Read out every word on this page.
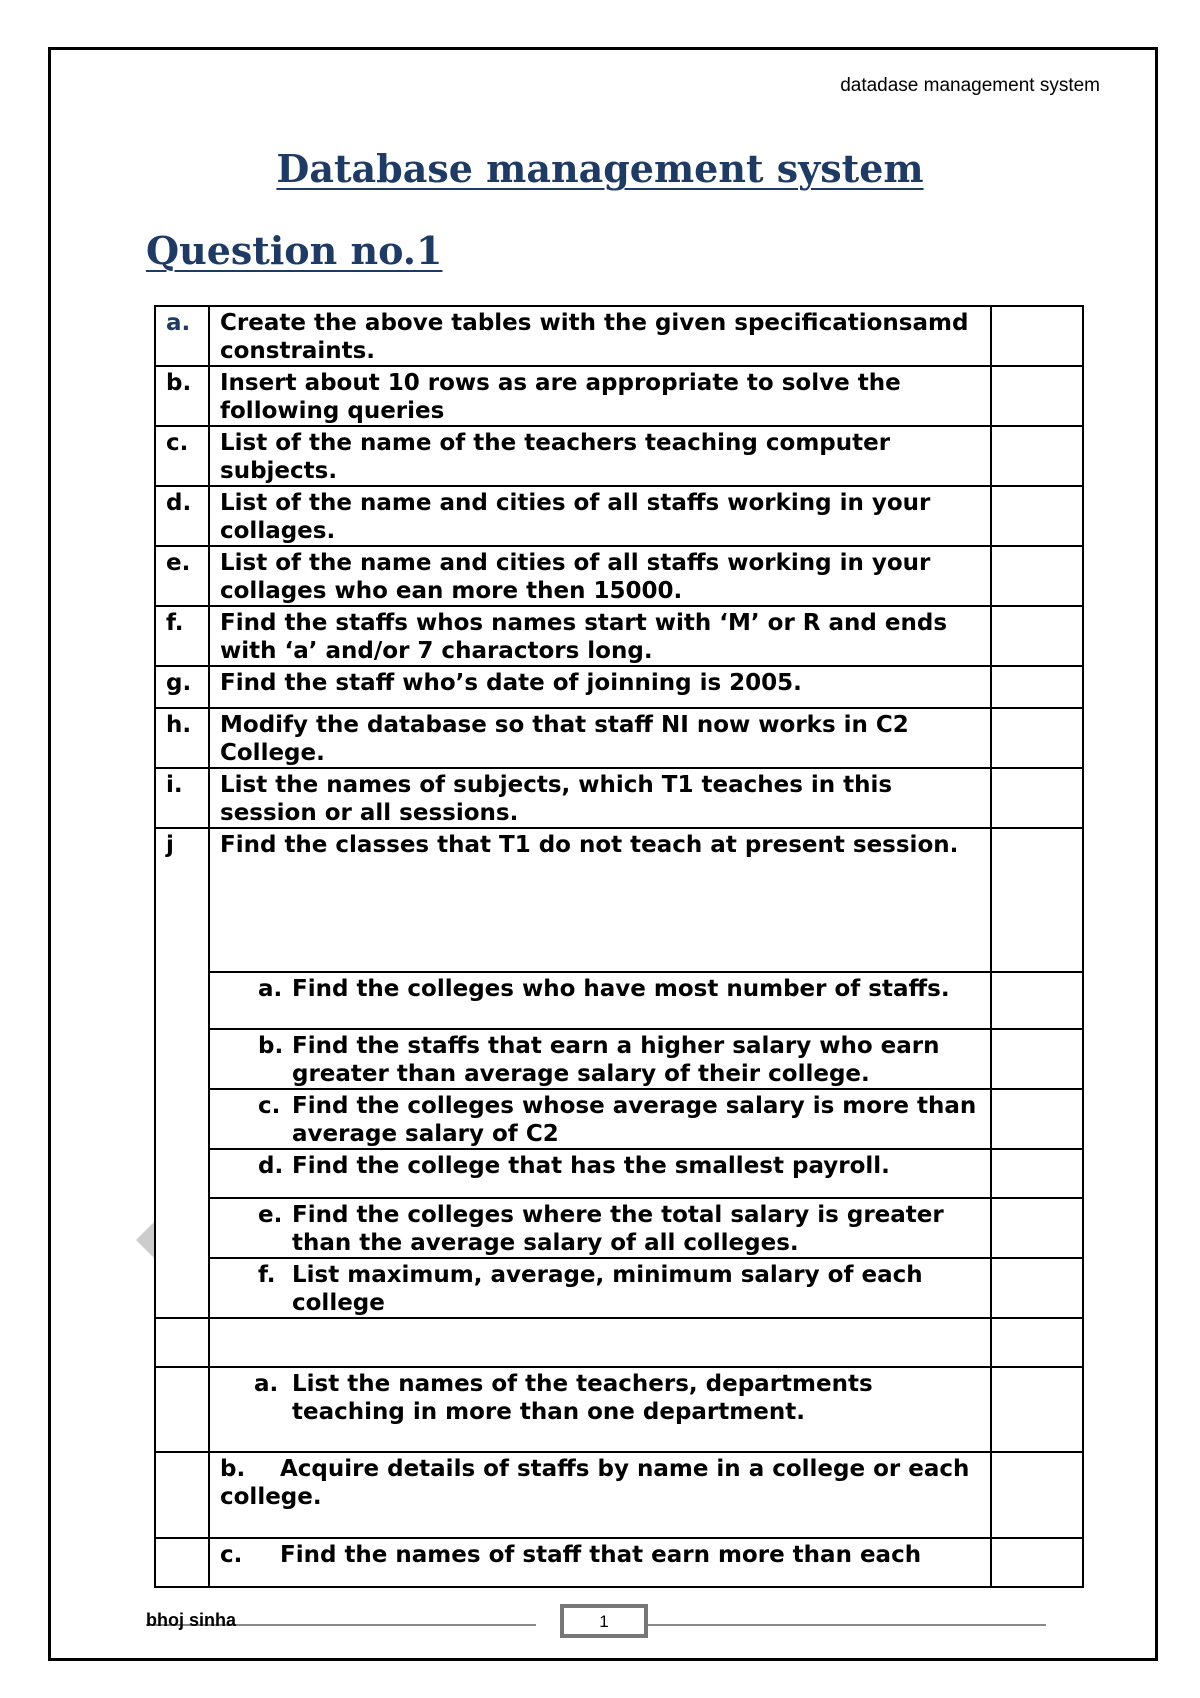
datadase management system
Database management system
Question no.1
a.	Create the above tables with the given specificationsamd constraints.	
b.	Insert about 10 rows as are appropriate to solve the following queries	
c.	List of the name of the teachers teaching computer subjects.	
d.	List of the name and cities of all staffs working in your collages.	
e.	List of the name and cities of all staffs working in your collages who ean more then 15000.	
f.	Find the staffs whos names start with ‘M’ or R and ends with ‘a’ and/or 7 charactors long.	
g.	Find the staff who’s date of joinning is 2005.	
h.	Modify the database so that staff NI now works in C2 College.	
i.	List the names of subjects, which T1 teaches in this session or all sessions.	
j	Find the classes that T1 do not teach at present session.	

	a. Find the colleges who have most number of staffs.	

	b. Find the staffs that earn a higher salary who earn greater than average salary of their college.	

	c. Find the colleges whose average salary is more than average salary of C2	

	d. Find the college that has the smallest payroll.	

	e. Find the colleges where the total salary is greater than the average salary of all colleges.	

	f. List maximum, average, minimum salary of each college	

	a. List the names of the teachers, departments teaching in more than one department.	

	b. Acquire details of staffs by name in a college or each college.	
	c. Find the names of staff that earn more than each	
bhoj sinha	1
